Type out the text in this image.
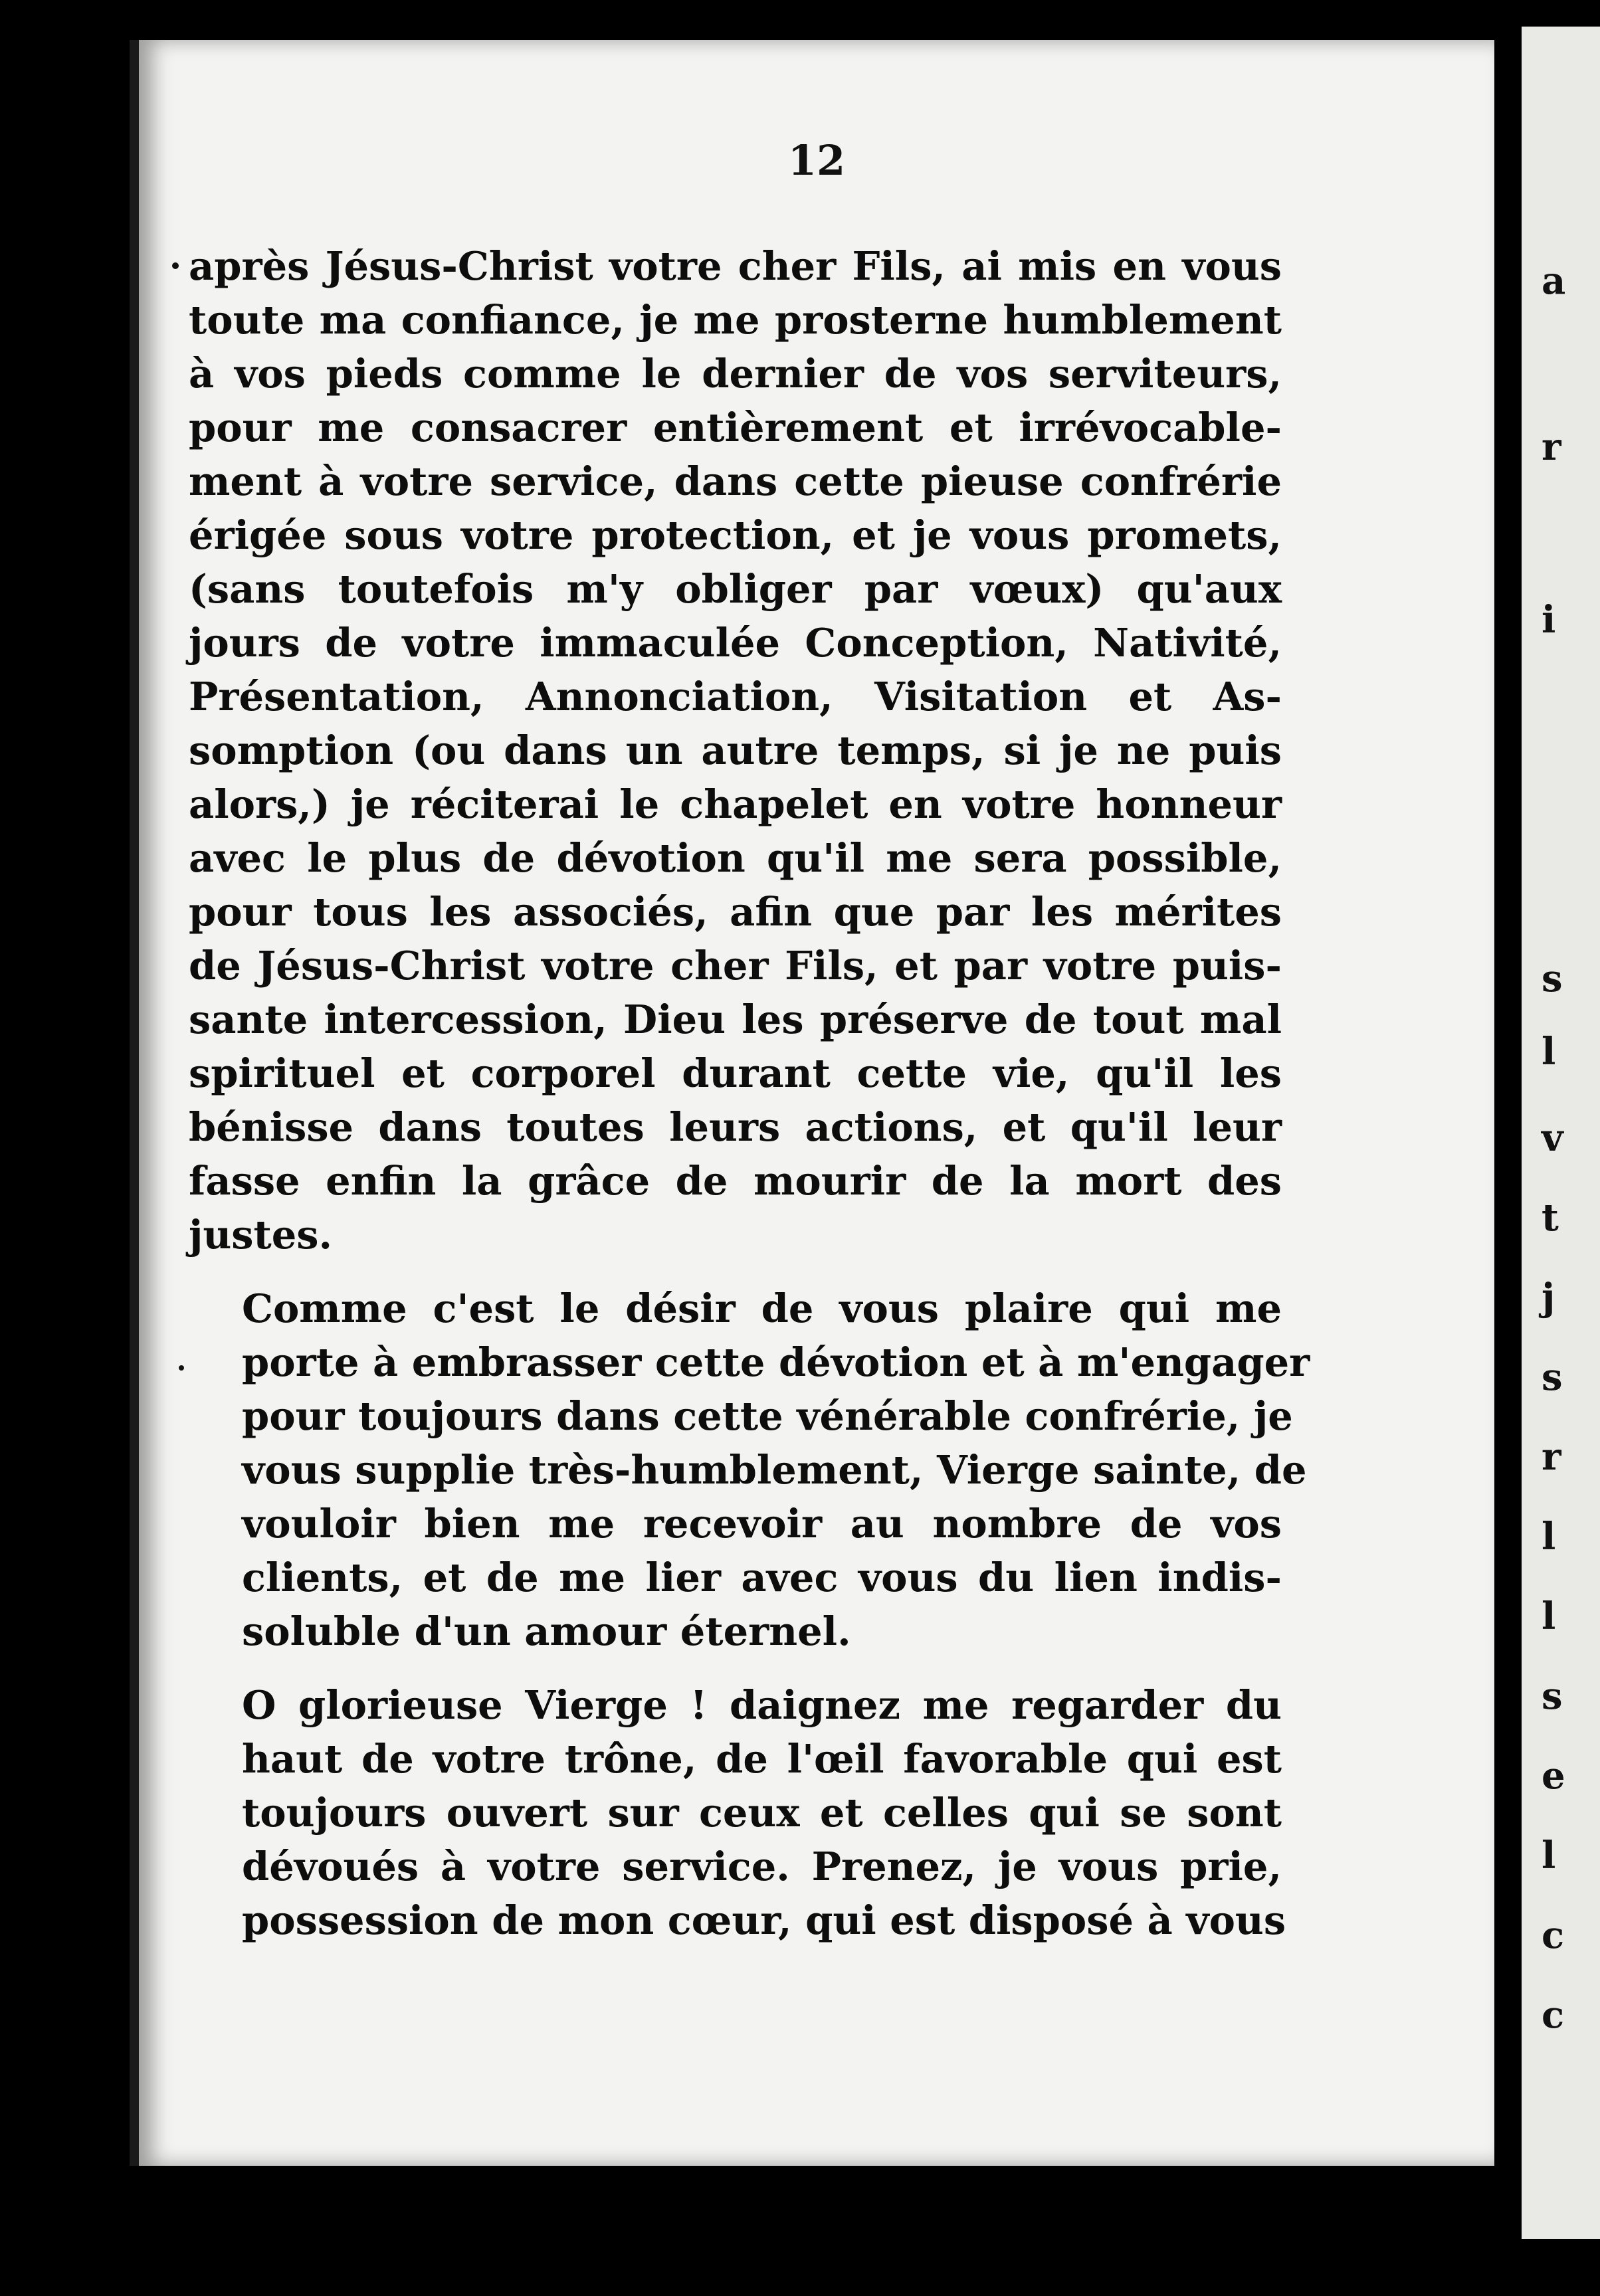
12
après Jésus-Christ votre cher Fils, ai mis en vous
toute ma confiance, je me prosterne humblement
à vos pieds comme le dernier de vos serviteurs,
pour me consacrer entièrement et irrévocable-
ment à votre service, dans cette pieuse confrérie
érigée sous votre protection, et je vous promets,
(sans toutefois m'y obliger par vœux) qu'aux
jours de votre immaculée Conception, Nativité,
Présentation, Annonciation, Visitation et As-
somption (ou dans un autre temps, si je ne puis
alors,) je réciterai le chapelet en votre honneur
avec le plus de dévotion qu'il me sera possible,
pour tous les associés, afin que par les mérites
de Jésus-Christ votre cher Fils, et par votre puis-
sante intercession, Dieu les préserve de tout mal
spirituel et corporel durant cette vie, qu'il les
bénisse dans toutes leurs actions, et qu'il leur
fasse enfin la grâce de mourir de la mort des
justes.
Comme c'est le désir de vous plaire qui me
porte à embrasser cette dévotion et à m'engager
pour toujours dans cette vénérable confrérie, je
vous supplie très-humblement, Vierge sainte, de
vouloir bien me recevoir au nombre de vos
clients, et de me lier avec vous du lien indis-
soluble d'un amour éternel.
O glorieuse Vierge ! daignez me regarder du
haut de votre trône, de l'œil favorable qui est
toujours ouvert sur ceux et celles qui se sont
dévoués à votre service. Prenez, je vous prie,
possession de mon cœur, qui est disposé à vous
a
r
i
s
l
v
t
j
s
r
l
l
s
e
l
c
c
